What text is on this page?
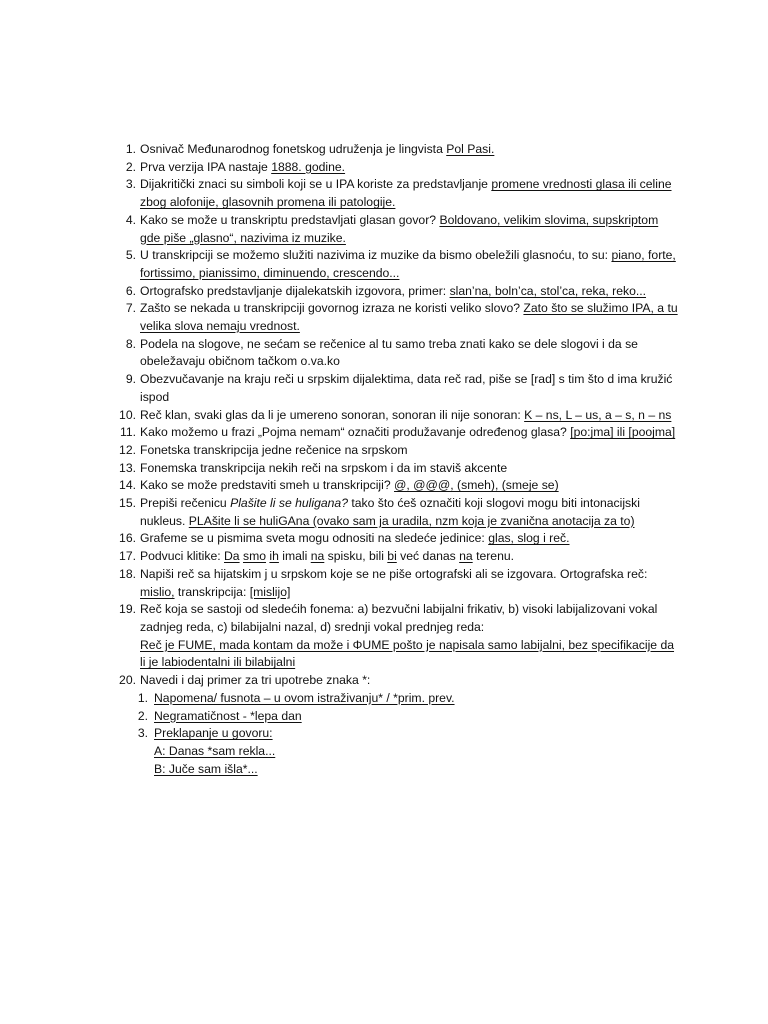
1. Osnivač Međunarodnog fonetskog udruženja je lingvista Pol Pasi.
2. Prva verzija IPA nastaje 1888. godine.
3. Dijakritički znaci su simboli koji se u IPA koriste za predstavljanje promene vrednosti glasa ili celine zbog alofonije, glasovnih promena ili patologije.
4. Kako se može u transkriptu predstavljati glasan govor? Boldovano, velikim slovima, supskriptom gde piše „glasno“, nazivima iz muzike.
5. U transkripciji se možemo služiti nazivima iz muzike da bismo obeležili glasnoću, to su: piano, forte, fortissimo, pianissimo, diminuendo, crescendo...
6. Ortografsko predstavljanje dijalekatskih izgovora, primer: slan’na, boln’ca, stol’ca, reka, reko...
7. Zašto se nekada u transkripciji govornog izraza ne koristi veliko slovo? Zato što se služimo IPA, a tu velika slova nemaju vrednost.
8. Podela na slogove, ne sećam se rečenice al tu samo treba znati kako se dele slogovi i da se obeležavaju običnom tačkom o.va.ko
9. Obezvučavanje na kraju reči u srpskim dijalektima, data reč rad, piše se [rad] s tim što d ima kružić ispod
10. Reč klan, svaki glas da li je umereno sonoran, sonoran ili nije sonoran: K – ns, L – us, a – s, n – ns
11. Kako možemo u frazi „Pojma nemam“ označiti produžavanje određenog glasa? [po:jma] ili [poojma]
12. Fonetska transkripcija jedne rečenice na srpskom
13. Fonemska transkripcija nekih reči na srpskom i da im staviš akcente
14. Kako se može predstaviti smeh u transkripciji? @, @@@, (smeh), (smeje se)
15. Prepiši rečenicu Plašite li se huligana? tako što ćeš označiti koji slogovi mogu biti intonacijski nukleus. PLAšite li se huliGAna (ovako sam ja uradila, nzm koja je zvanična anotacija za to)
16. Grafeme se u pismima sveta mogu odnositi na sledeće jedinice: glas, slog i reč.
17. Podvuci klitike: Da smo ih imali na spisku, bili bi već danas na terenu.
18. Napiši reč sa hijatskim j u srpskom koje se ne piše ortografski ali se izgovara. Ortografska reč: mislio, transkripcija: [mislijo]
19. Reč koja se sastoji od sledećih fonema: a) bezvučni labijalni frikativ, b) visoki labijalizovani vokal zadnjeg reda, c) bilabijalni nazal, d) srednji vokal prednjeg reda:
Reč je FUME, mada kontam da može i ΦUME pošto je napisala samo labijalni, bez specifikacije da li je labiodentalni ili bilabijalni
20. Navedi i daj primer za tri upotrebe znaka *:
1. Napomena/ fusnota – u ovom istraživanju* / *prim. prev.
2. Negramatičnost - *lepa dan
3. Preklapanje u govoru:
A: Danas *sam rekla...
B: Juče sam išla*...
